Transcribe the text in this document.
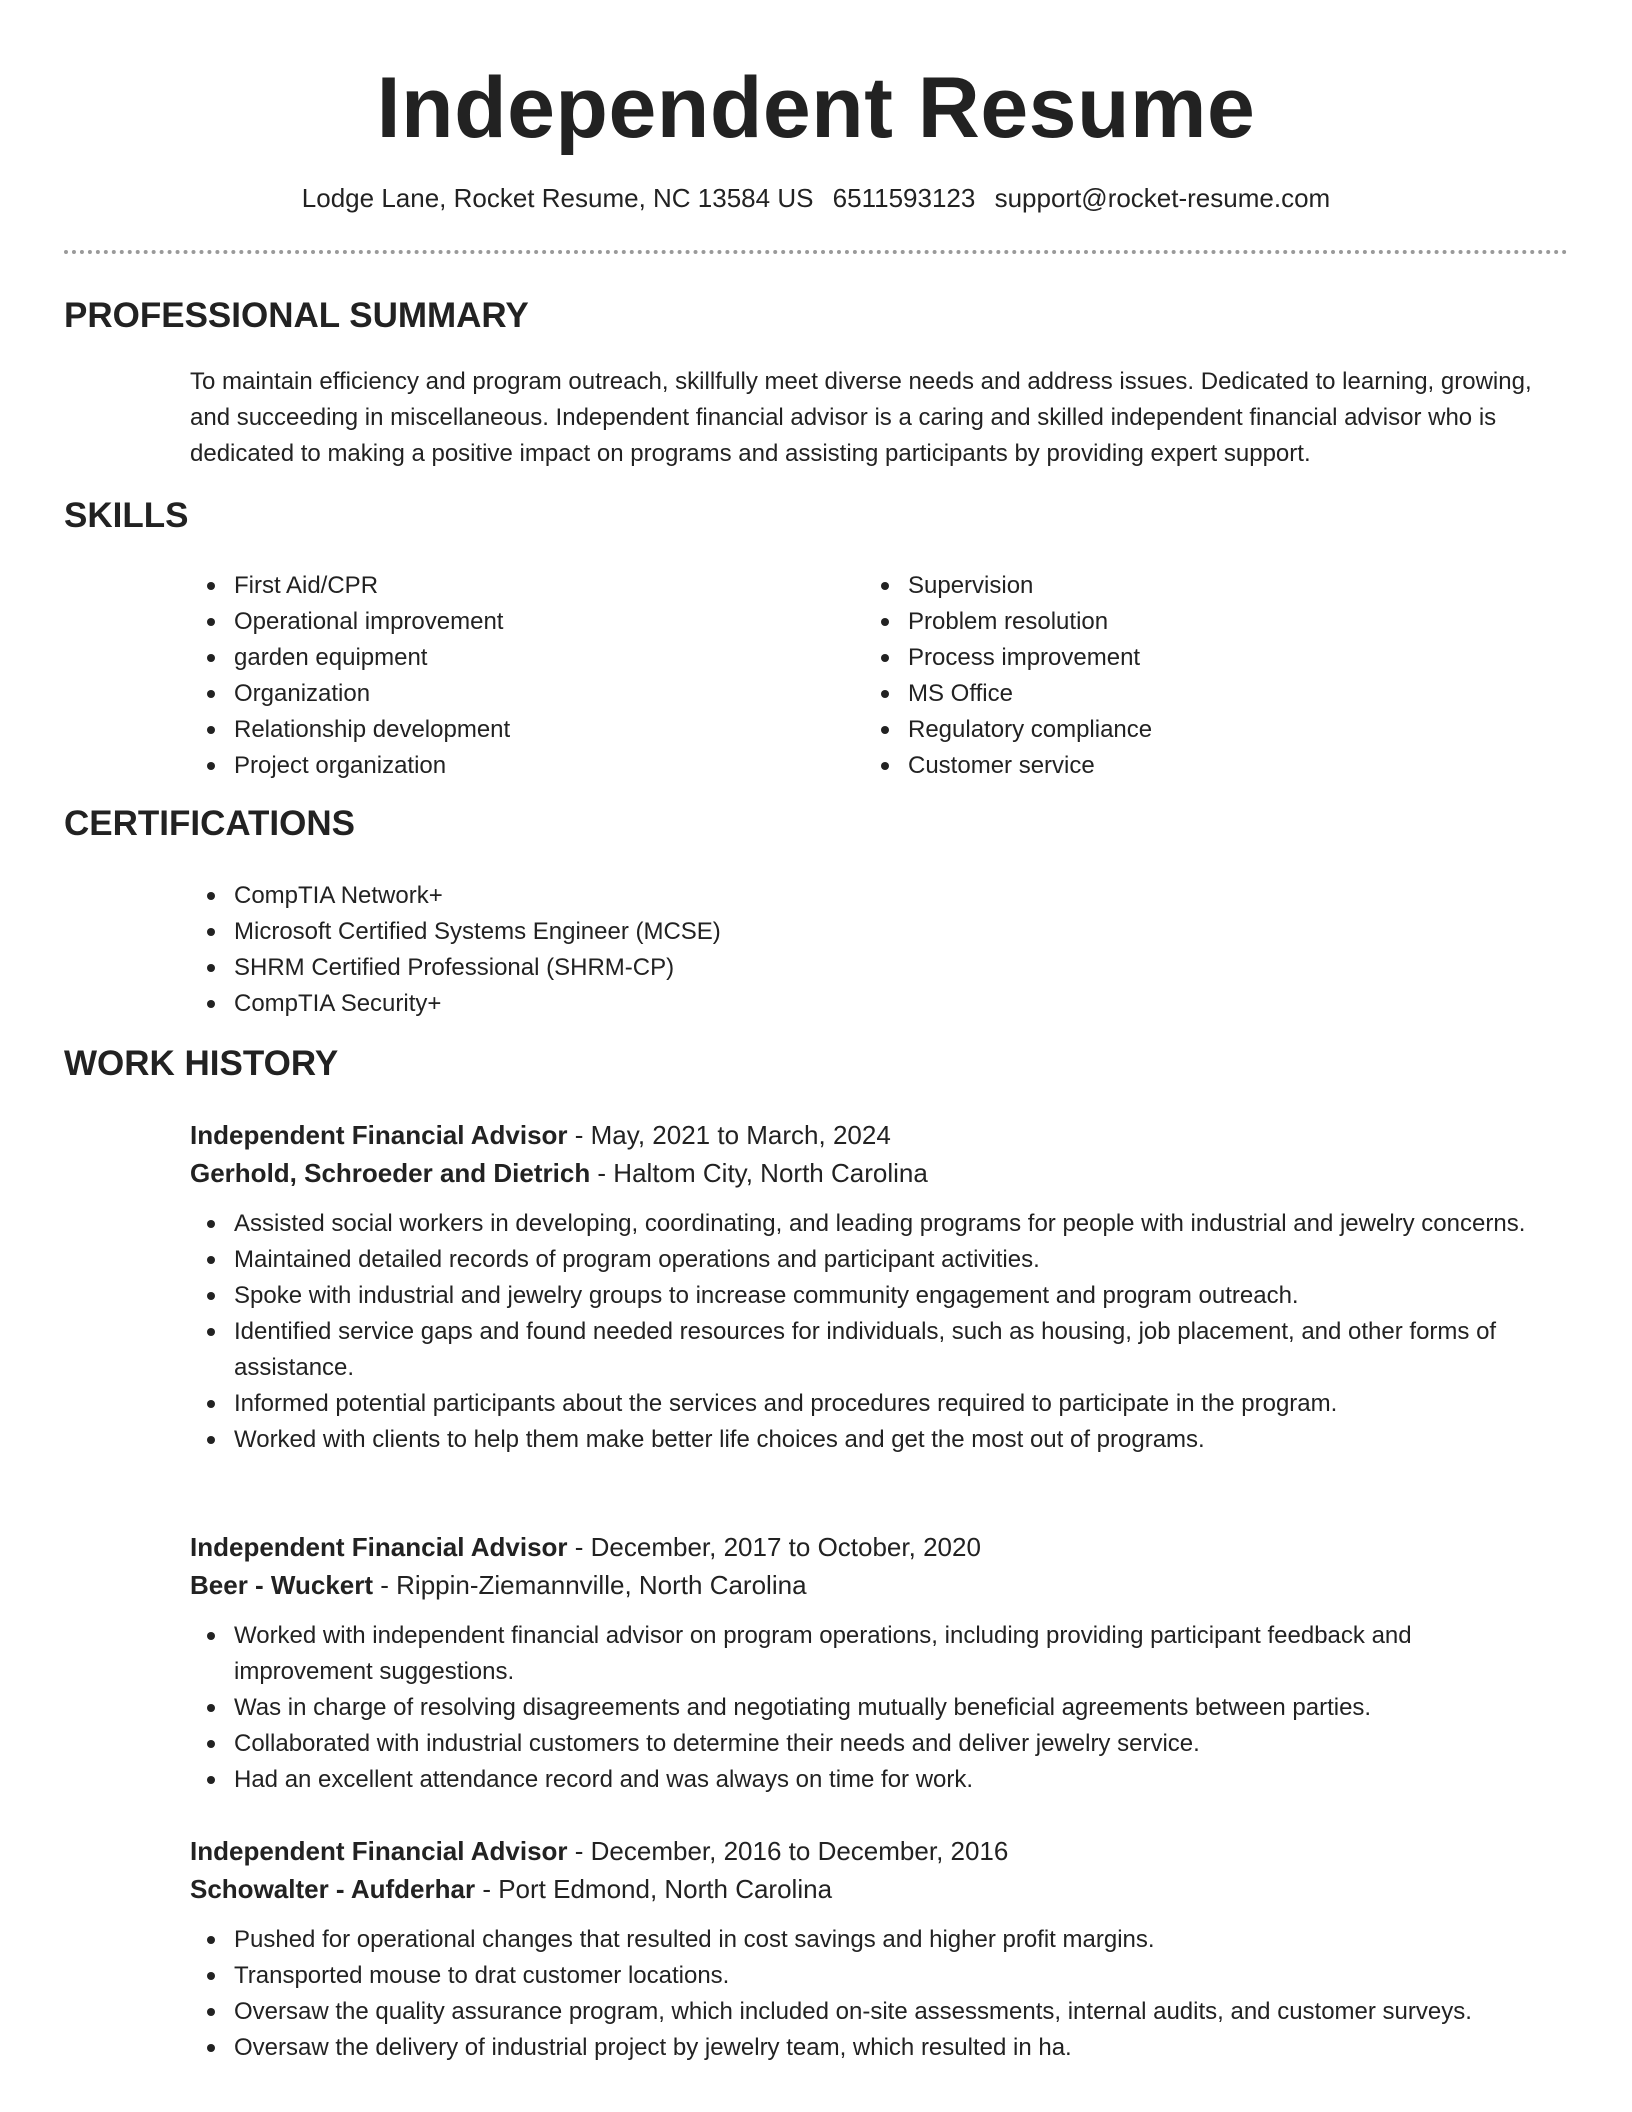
Independent Resume
Lodge Lane, Rocket Resume, NC 13584 US 6511593123 support@rocket-resume.com
PROFESSIONAL SUMMARY

To maintain efficiency and program outreach, skillfully meet diverse needs and address issues. Dedicated to learning, growing, and succeeding in miscellaneous. Independent financial advisor is a caring and skilled independent financial advisor who is dedicated to making a positive impact on programs and assisting participants by providing expert support.

SKILLS
First Aid/CPR
Operational improvement
garden equipment
Organization
Relationship development
Project organization
Supervision
Problem resolution
Process improvement
MS Office
Regulatory compliance
Customer service
CERTIFICATIONS
CompTIA Network+
Microsoft Certified Systems Engineer (MCSE)
SHRM Certified Professional (SHRM-CP)
CompTIA Security+
WORK HISTORY
Independent Financial Advisor - May, 2021 to March, 2024
Gerhold, Schroeder and Dietrich - Haltom City, North Carolina
Assisted social workers in developing, coordinating, and leading programs for people with industrial and jewelry concerns.
Maintained detailed records of program operations and participant activities.
Spoke with industrial and jewelry groups to increase community engagement and program outreach.
Identified service gaps and found needed resources for individuals, such as housing, job placement, and other forms of assistance.
Informed potential participants about the services and procedures required to participate in the program.
Worked with clients to help them make better life choices and get the most out of programs.
Independent Financial Advisor - December, 2017 to October, 2020
Beer - Wuckert - Rippin-Ziemannville, North Carolina
Worked with independent financial advisor on program operations, including providing participant feedback and improvement suggestions.
Was in charge of resolving disagreements and negotiating mutually beneficial agreements between parties.
Collaborated with industrial customers to determine their needs and deliver jewelry service.
Had an excellent attendance record and was always on time for work.
Independent Financial Advisor - December, 2016 to December, 2016
Schowalter - Aufderhar - Port Edmond, North Carolina
Pushed for operational changes that resulted in cost savings and higher profit margins.
Transported mouse to drat customer locations.
Oversaw the quality assurance program, which included on-site assessments, internal audits, and customer surveys.
Oversaw the delivery of industrial project by jewelry team, which resulted in ha.
